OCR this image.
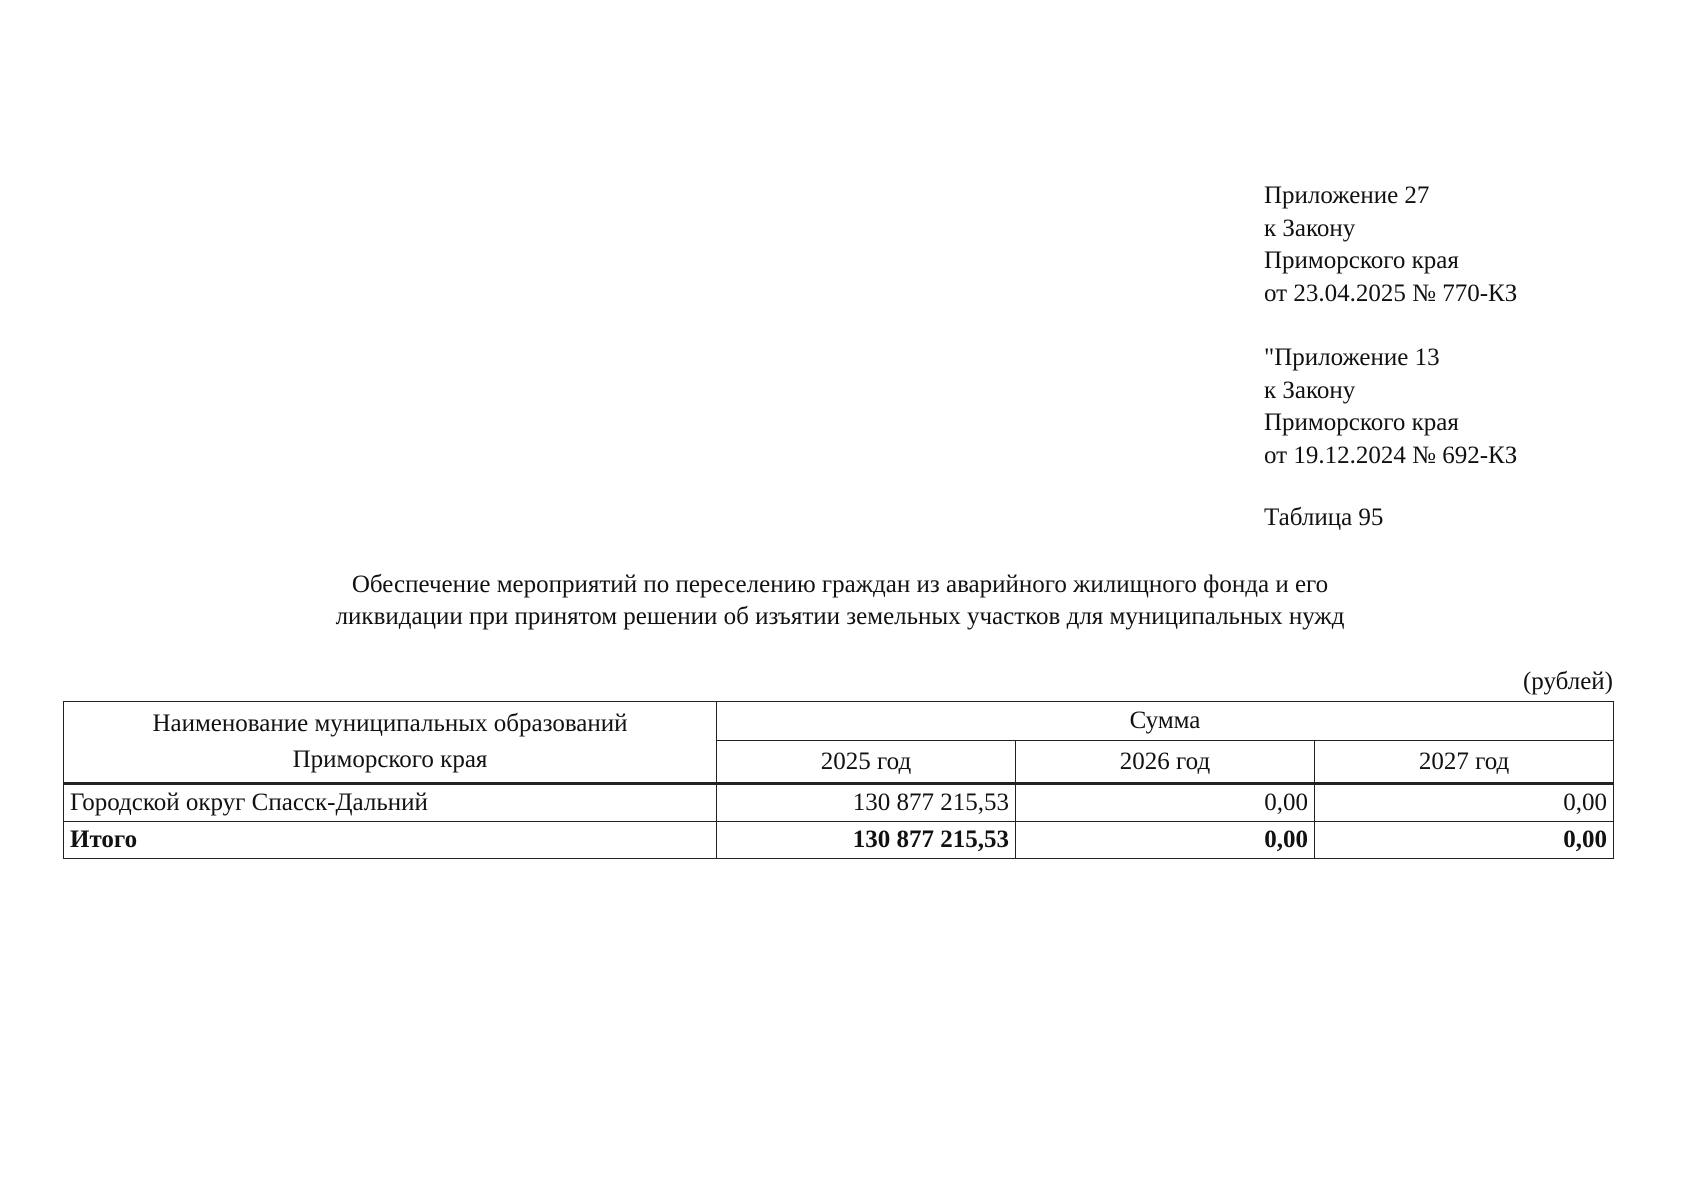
Приложение 27
к Закону
Приморского края
от 23.04.2025 № 770-КЗ
"Приложение 13
к Закону
Приморского края
от 19.12.2024 № 692-КЗ
Таблица 95
Обеспечение мероприятий по переселению граждан из аварийного жилищного фонда и его
ликвидации при принятом решении об изъятии земельных участков для муниципальных нужд
(рублей)
Наименование муниципальных образований
Приморского края	Сумма		
	2025 год	2026 год	2027 год
Городской округ Спасск-Дальний	130 877 215,53	0,00	0,00
Итого	130 877 215,53	0,00	0,00
